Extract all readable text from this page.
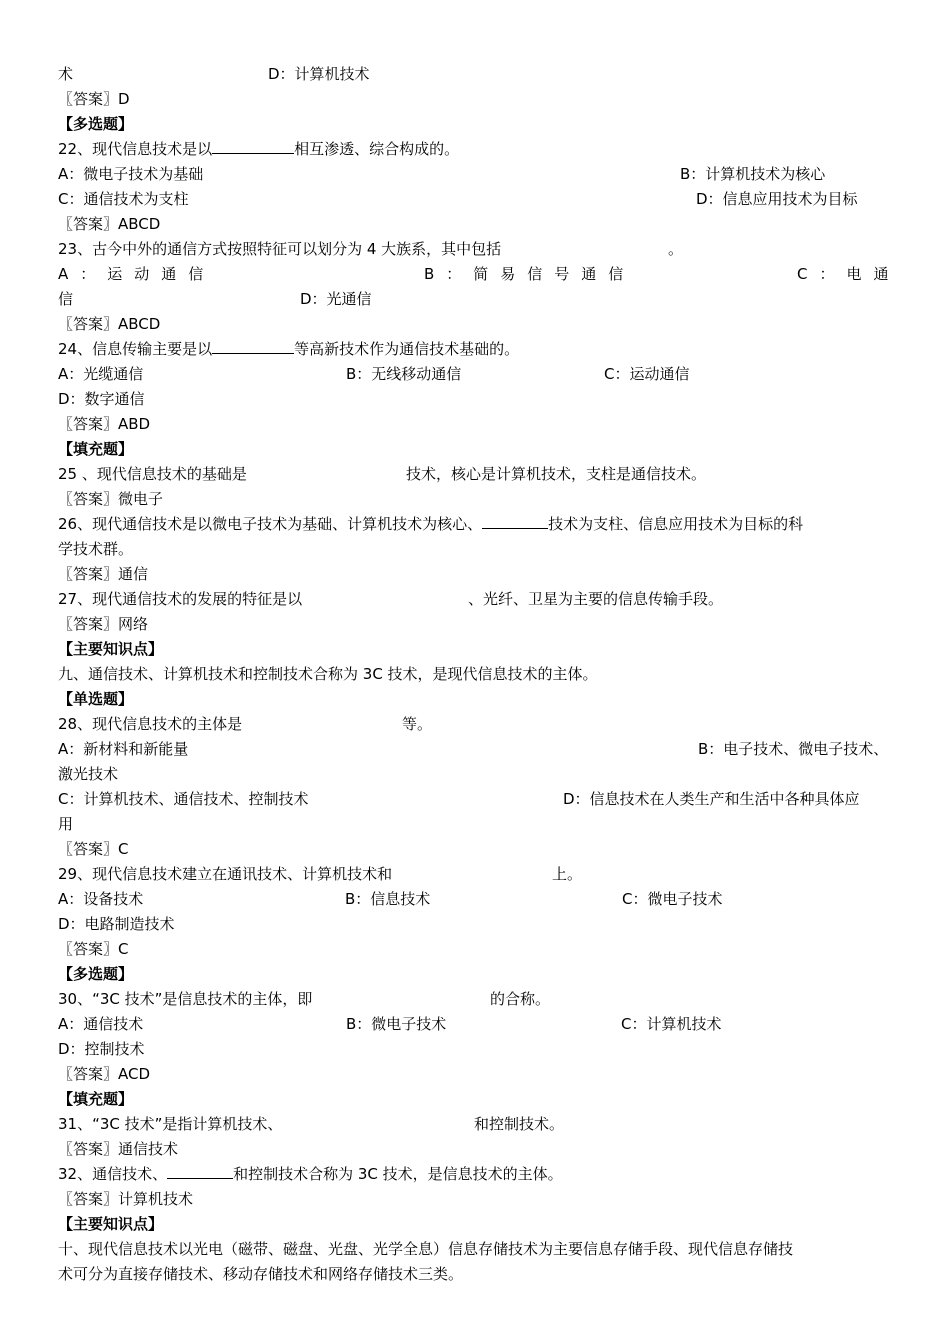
术	D：计算机技术
〖答案〗D
【多选题】
22、现代信息技术是以	相互渗透、综合构成的。
A：微电子技术为基础	B：计算机技术为核心
C：通信技术为支柱	D：信息应用技术为目标
〖答案〗ABCD
23、古今中外的通信方式按照特征可以划分为 4 大族系，其中包括	。
A：运动通信	B：简易信号通信	C：电通
信	D：光通信
〖答案〗ABCD
24、信息传输主要是以	等高新技术作为通信技术基础的。
A：光缆通信	B：无线移动通信	C：运动通信
D：数字通信
〖答案〗ABD
【填充题】
25 、现代信息技术的基础是	技术，核心是计算机技术，支柱是通信技术。
〖答案〗微电子
26、现代通信技术是以微电子技术为基础、计算机技术为核心、	技术为支柱、信息应用技术为目标的科
学技术群。
〖答案〗通信
27、现代通信技术的发展的特征是以	、光纤、卫星为主要的信息传输手段。
〖答案〗网络
【主要知识点】
九、通信技术、计算机技术和控制技术合称为 3C 技术，是现代信息技术的主体。
【单选题】
28、现代信息技术的主体是	等。
A：新材料和新能量	B：电子技术、微电子技术、
激光技术
C：计算机技术、通信技术、控制技术	D：信息技术在人类生产和生活中各种具体应
用
〖答案〗C
29、现代信息技术建立在通讯技术、计算机技术和	上。
A：设备技术	B：信息技术	C：微电子技术
D：电路制造技术
〖答案〗C
【多选题】
30、“3C 技术”是信息技术的主体，即	的合称。
A：通信技术	B：微电子技术	C：计算机技术
D：控制技术
〖答案〗ACD
【填充题】
31、“3C 技术”是指计算机技术、	和控制技术。
〖答案〗通信技术
32、通信技术、	和控制技术合称为 3C 技术，是信息技术的主体。
〖答案〗计算机技术
【主要知识点】
十、现代信息技术以光电（磁带、磁盘、光盘、光学全息）信息存储技术为主要信息存储手段、现代信息存储技
术可分为直接存储技术、移动存储技术和网络存储技术三类。
